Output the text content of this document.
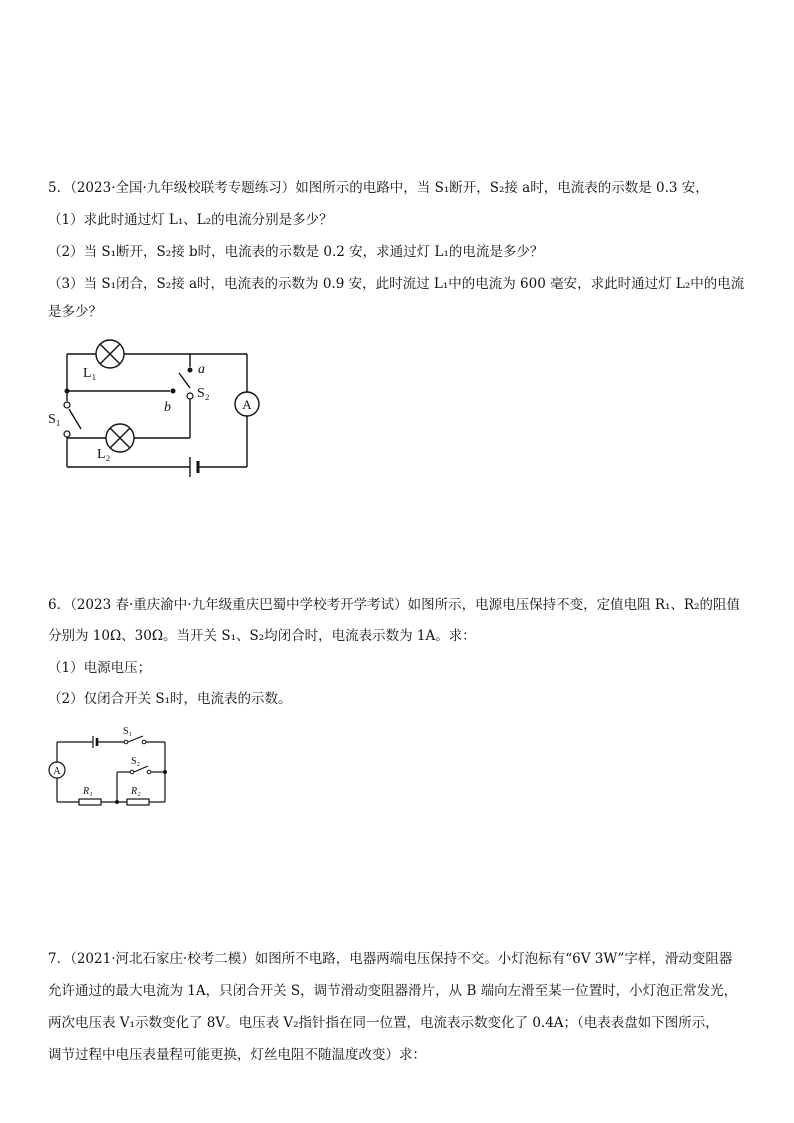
5．（2023·全国·九年级校联考专题练习）如图所示的电路中，当 S₁断开，S₂接 a时，电流表的示数是 0.3 安，
（1）求此时通过灯 L₁、L₂的电流分别是多少？
（2）当 S₁断开，S₂接 b时，电流表的示数是 0.2 安，求通过灯 L₁的电流是多少？
（3）当 S₁闭合，S₂接 a时，电流表的示数为 0.9 安，此时流过 L₁中的电流为 600 毫安，求此时通过灯 L₂中的电流
是多少？
A
L₁
L₂
S₁
S₂
a
b
6．（2023 春·重庆渝中·九年级重庆巴蜀中学校考开学考试）如图所示，电源电压保持不变，定值电阻 R₁、R₂的阻值
分别为 10Ω、30Ω。当开关 S₁、S₂均闭合时，电流表示数为 1A。求：
（1）电源电压；
（2）仅闭合开关 S₁时，电流表的示数。
A
S₁
S₂
R₁	R₂
7．（2021·河北石家庄·校考二模）如图所不电路，电器两端电压保持不交。小灯泡标有“6V 3W”字样，滑动变阻器
允许通过的最大电流为 1A，只闭合开关 S，调节滑动变阻器滑片，从 B 端向左滑至某一位置时，小灯泡正常发光，
两次电压表 V₁示数变化了 8V。电压表 V₂指针指在同一位置，电流表示数变化了 0.4A；（电表表盘如下图所示，
调节过程中电压表量程可能更换，灯丝电阻不随温度改变）求：
